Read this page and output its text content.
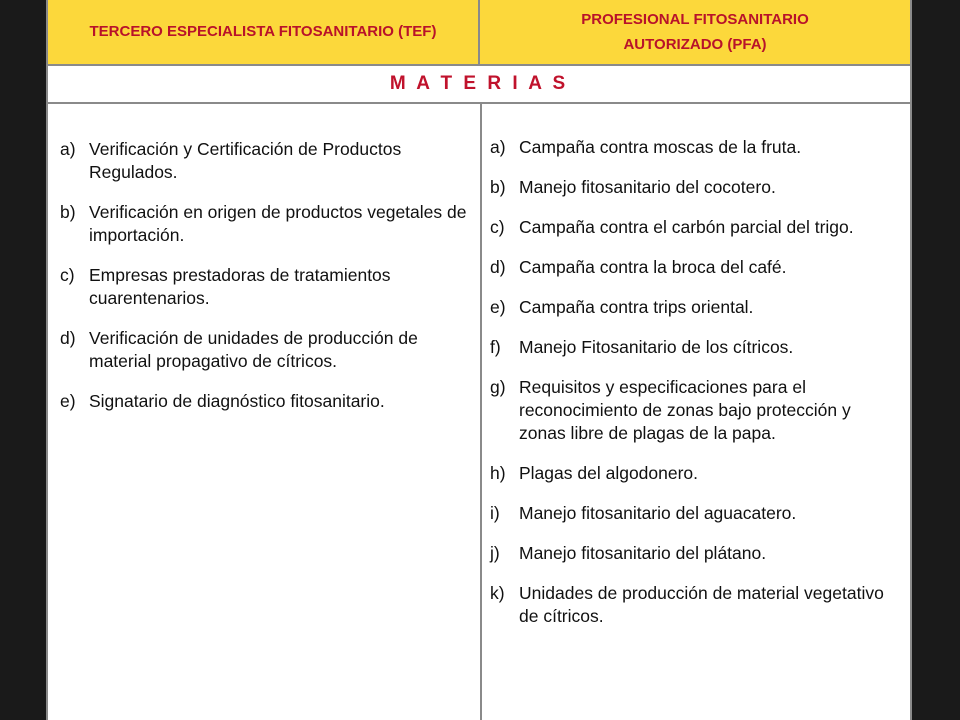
TERCERO ESPECIALISTA FITOSANITARIO (TEF)
PROFESIONAL FITOSANITARIO AUTORIZADO (PFA)
M A T E R I A S
a) Verificación y Certificación de Productos Regulados.
b) Verificación en origen de productos vegetales de importación.
c) Empresas prestadoras de tratamientos cuarentenarios.
d) Verificación de unidades de producción de material propagativo de cítricos.
e) Signatario de diagnóstico fitosanitario.
a) Campaña contra moscas de la fruta.
b) Manejo fitosanitario del cocotero.
c) Campaña contra el carbón parcial del trigo.
d) Campaña contra la broca del café.
e) Campaña contra trips oriental.
f)	Manejo Fitosanitario de los cítricos.
g) Requisitos y especificaciones para el reconocimiento de zonas bajo protección y zonas libre de plagas de la papa.
h) Plagas del algodonero.
i)	Manejo fitosanitario del aguacatero.
j)	Manejo fitosanitario del plátano.
k) Unidades de producción de material vegetativo de cítricos.
